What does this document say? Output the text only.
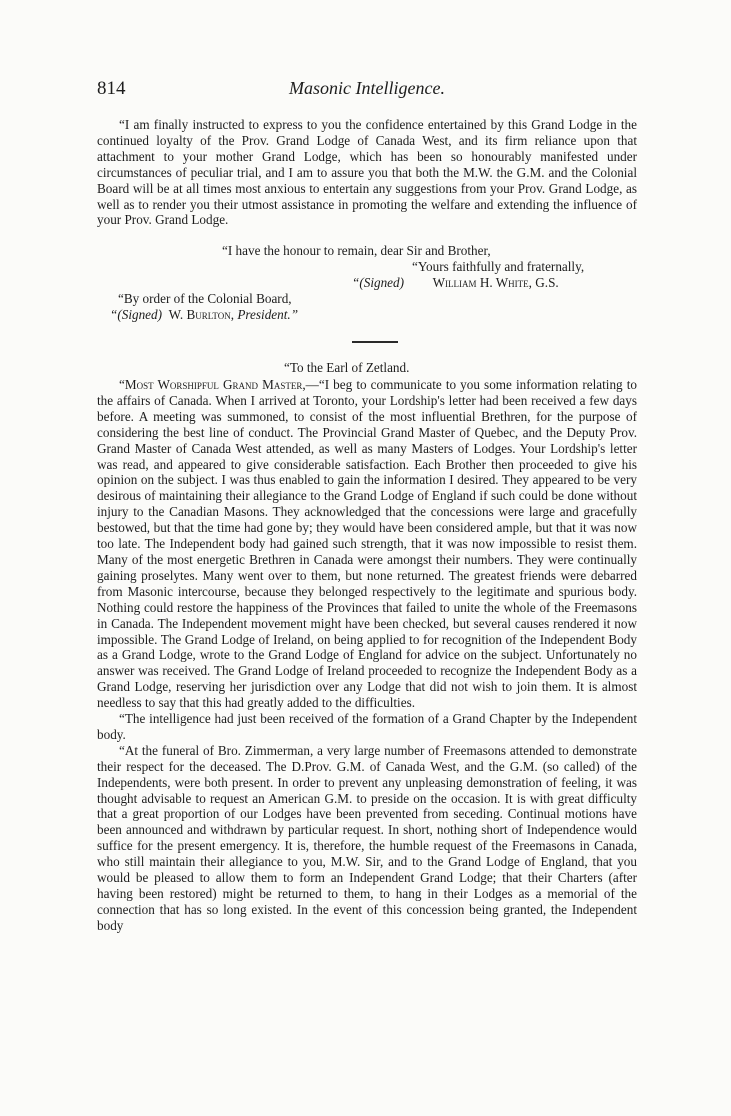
814	Masonic Intelligence.

“I am finally instructed to express to you the confidence entertained by this Grand Lodge in the continued loyalty of the Prov. Grand Lodge of Canada West, and its firm reliance upon that attachment to your mother Grand Lodge, which has been so honourably manifested under circumstances of peculiar trial, and I am to assure you that both the M.W. the G.M. and the Colonial Board will be at all times most anxious to entertain any suggestions from your Prov. Grand Lodge, as well as to render you their utmost assistance in promoting the welfare and extending the influence of your Prov. Grand Lodge.

“I have the honour to remain, dear Sir and Brother,
“Yours faithfully and fraternally,
“(Signed) William H. White, G.S.
“By order of the Colonial Board,
“(Signed) W. Burlton, President.”
“To the Earl of Zetland.

“Most Worshipful Grand Master,—“I beg to communicate to you some information relating to the affairs of Canada. When I arrived at Toronto, your Lordship's letter had been received a few days before. A meeting was summoned, to consist of the most influential Brethren, for the purpose of considering the best line of conduct. The Provincial Grand Master of Quebec, and the Deputy Prov. Grand Master of Canada West attended, as well as many Masters of Lodges. Your Lordship's letter was read, and appeared to give considerable satisfaction. Each Brother then proceeded to give his opinion on the subject. I was thus enabled to gain the information I desired. They appeared to be very desirous of maintaining their allegiance to the Grand Lodge of England if such could be done without injury to the Canadian Masons. They acknowledged that the concessions were large and gracefully bestowed, but that the time had gone by; they would have been considered ample, but that it was now too late. The Independent body had gained such strength, that it was now impossible to resist them. Many of the most energetic Brethren in Canada were amongst their numbers. They were continually gaining proselytes. Many went over to them, but none returned. The greatest friends were debarred from Masonic intercourse, because they belonged respectively to the legitimate and spurious body. Nothing could restore the happiness of the Provinces that failed to unite the whole of the Freemasons in Canada. The Independent movement might have been checked, but several causes rendered it now impossible. The Grand Lodge of Ireland, on being applied to for recognition of the Independent Body as a Grand Lodge, wrote to the Grand Lodge of England for advice on the subject. Unfortunately no answer was received. The Grand Lodge of Ireland proceeded to recognize the Independent Body as a Grand Lodge, reserving her jurisdiction over any Lodge that did not wish to join them. It is almost needless to say that this had greatly added to the difficulties.

“The intelligence had just been received of the formation of a Grand Chapter by the Independent body.

“At the funeral of Bro. Zimmerman, a very large number of Freemasons attended to demonstrate their respect for the deceased. The D.Prov. G.M. of Canada West, and the G.M. (so called) of the Independents, were both present. In order to prevent any unpleasing demonstration of feeling, it was thought advisable to request an American G.M. to preside on the occasion. It is with great difficulty that a great proportion of our Lodges have been prevented from seceding. Continual motions have been announced and withdrawn by particular request. In short, nothing short of Independence would suffice for the present emergency. It is, therefore, the humble request of the Freemasons in Canada, who still maintain their allegiance to you, M.W. Sir, and to the Grand Lodge of England, that you would be pleased to allow them to form an Independent Grand Lodge; that their Charters (after having been restored) might be returned to them, to hang in their Lodges as a memorial of the connection that has so long existed. In the event of this concession being granted, the Independent body
